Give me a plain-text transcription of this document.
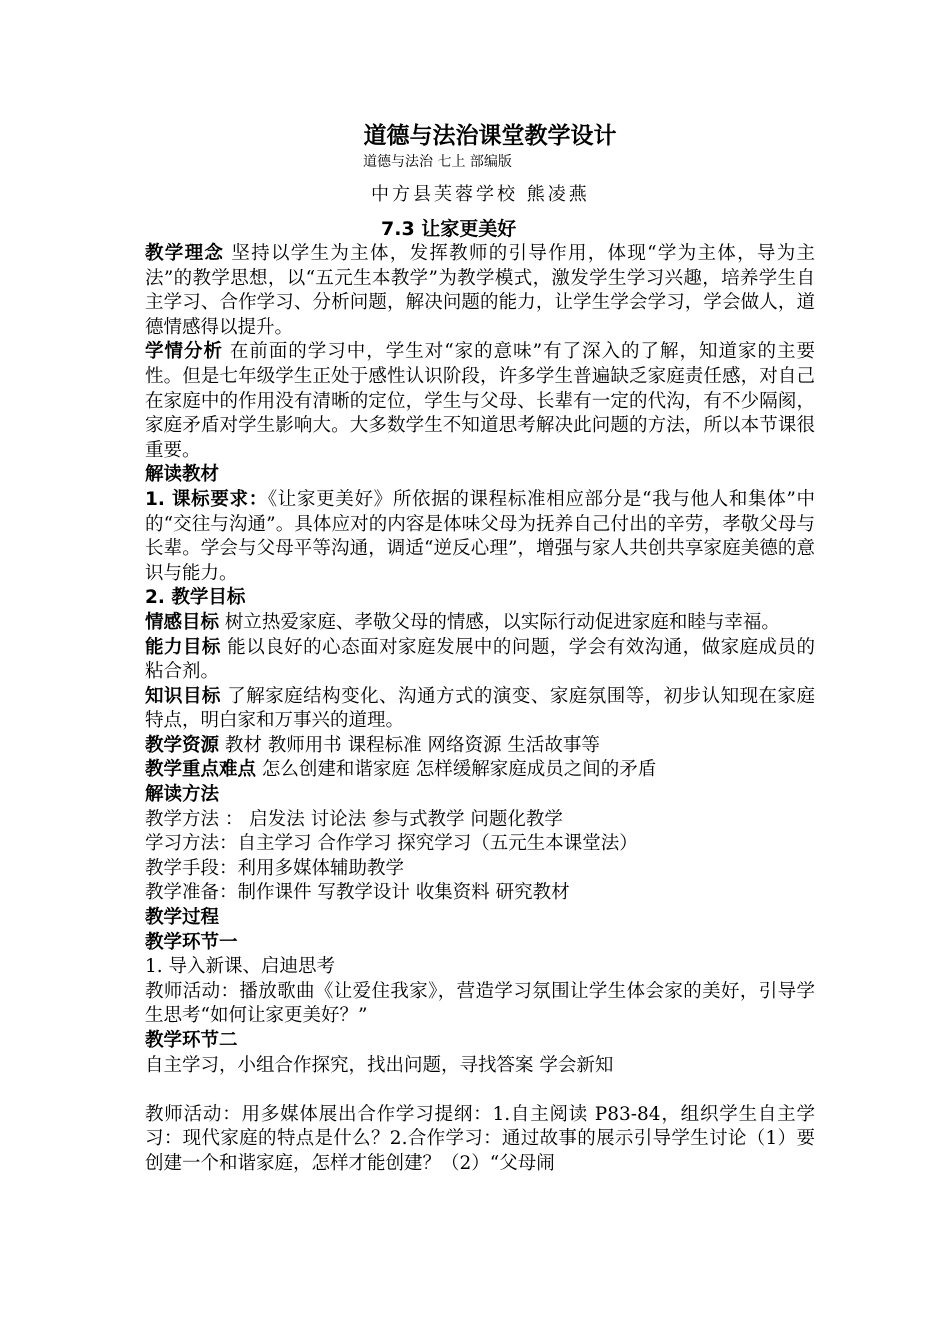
道德与法治课堂教学设计

道德与法治 七上 部编版

中方县芙蓉学校 熊凌燕

7.3 让家更美好

教学理念 坚持以学生为主体，发挥教师的引导作用，体现“学为主体，导为主法”的教学思想，以“五元生本教学”为教学模式，激发学生学习兴趣，培养学生自主学习、合作学习、分析问题，解决问题的能力，让学生学会学习，学会做人，道德情感得以提升。

学情分析 在前面的学习中，学生对“家的意味”有了深入的了解，知道家的主要性。但是七年级学生正处于感性认识阶段，许多学生普遍缺乏家庭责任感，对自己在家庭中的作用没有清晰的定位，学生与父母、长辈有一定的代沟，有不少隔阂，家庭矛盾对学生影响大。大多数学生不知道思考解决此问题的方法，所以本节课很重要。

解读教材

1. 课标要求：《让家更美好》所依据的课程标准相应部分是“我与他人和集体”中的“交往与沟通”。具体应对的内容是体味父母为抚养自己付出的辛劳，孝敬父母与长辈。学会与父母平等沟通，调适“逆反心理”，增强与家人共创共享家庭美德的意识与能力。

2. 教学目标

情感目标 树立热爱家庭、孝敬父母的情感，以实际行动促进家庭和睦与幸福。

能力目标 能以良好的心态面对家庭发展中的问题，学会有效沟通，做家庭成员的粘合剂。

知识目标 了解家庭结构变化、沟通方式的演变、家庭氛围等，初步认知现在家庭特点，明白家和万事兴的道理。

教学资源 教材 教师用书 课程标准 网络资源 生活故事等

教学重点难点 怎么创建和谐家庭 怎样缓解家庭成员之间的矛盾

解读方法

教学方法 ： 启发法 讨论法 参与式教学 问题化教学

学习方法：自主学习 合作学习 探究学习（五元生本课堂法）

教学手段：利用多媒体辅助教学

教学准备：制作课件 写教学设计 收集资料 研究教材

教学过程

教学环节一

1. 导入新课、启迪思考

教师活动：播放歌曲《让爱住我家》，营造学习氛围让学生体会家的美好，引导学生思考“如何让家更美好？”

教学环节二

自主学习，小组合作探究，找出问题，寻找答案 学会新知

教师活动：用多媒体展出合作学习提纲：1.自主阅读 P83-84，组织学生自主学习：现代家庭的特点是什么？2.合作学习：通过故事的展示引导学生讨论（1）要创建一个和谐家庭，怎样才能创建？（2）“父母闹
